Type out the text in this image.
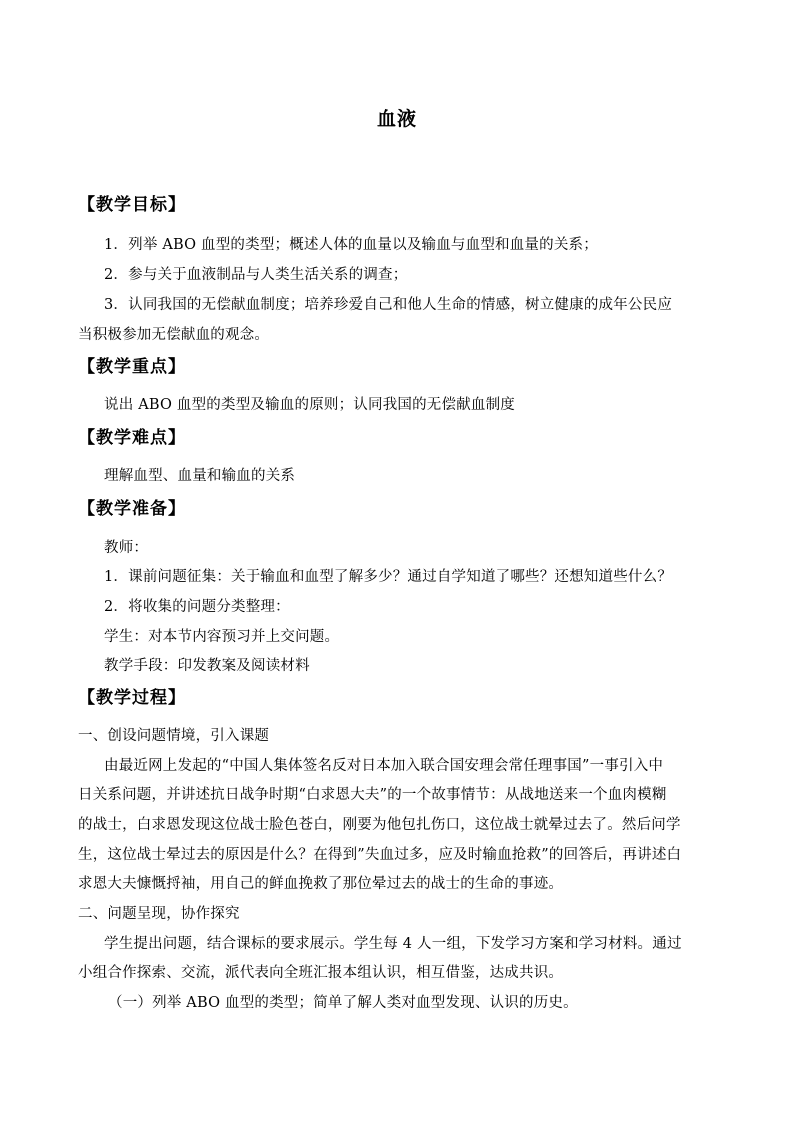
血液
【教学目标】
1．列举 ABO 血型的类型；概述人体的血量以及输血与血型和血量的关系；
2．参与关于血液制品与人类生活关系的调查；
3．认同我国的无偿献血制度；培养珍爱自己和他人生命的情感，树立健康的成年公民应
当积极参加无偿献血的观念。
【教学重点】
说出 ABO 血型的类型及输血的原则；认同我国的无偿献血制度
【教学难点】
理解血型、血量和输血的关系
【教学准备】
教师：
1．课前问题征集：关于输血和血型了解多少？通过自学知道了哪些？还想知道些什么？
2．将收集的问题分类整理：
学生：对本节内容预习并上交问题。
教学手段：印发教案及阅读材料
【教学过程】
一、创设问题情境，引入课题
由最近网上发起的“中国人集体签名反对日本加入联合国安理会常任理事国”一事引入中
日关系问题，并讲述抗日战争时期“白求恩大夫”的一个故事情节：从战地送来一个血肉模糊
的战士，白求恩发现这位战士脸色苍白，刚要为他包扎伤口，这位战士就晕过去了。然后问学
生，这位战士晕过去的原因是什么？在得到”失血过多，应及时输血抢救”的回答后，再讲述白
求恩大夫慷慨捋袖，用自己的鲜血挽救了那位晕过去的战士的生命的事迹。
二、问题呈现，协作探究
学生提出问题，结合课标的要求展示。学生每 4 人一组，下发学习方案和学习材料。通过
小组合作探索、交流，派代表向全班汇报本组认识，相互借鉴，达成共识。
（一）列举 ABO 血型的类型；简单了解人类对血型发现、认识的历史。
